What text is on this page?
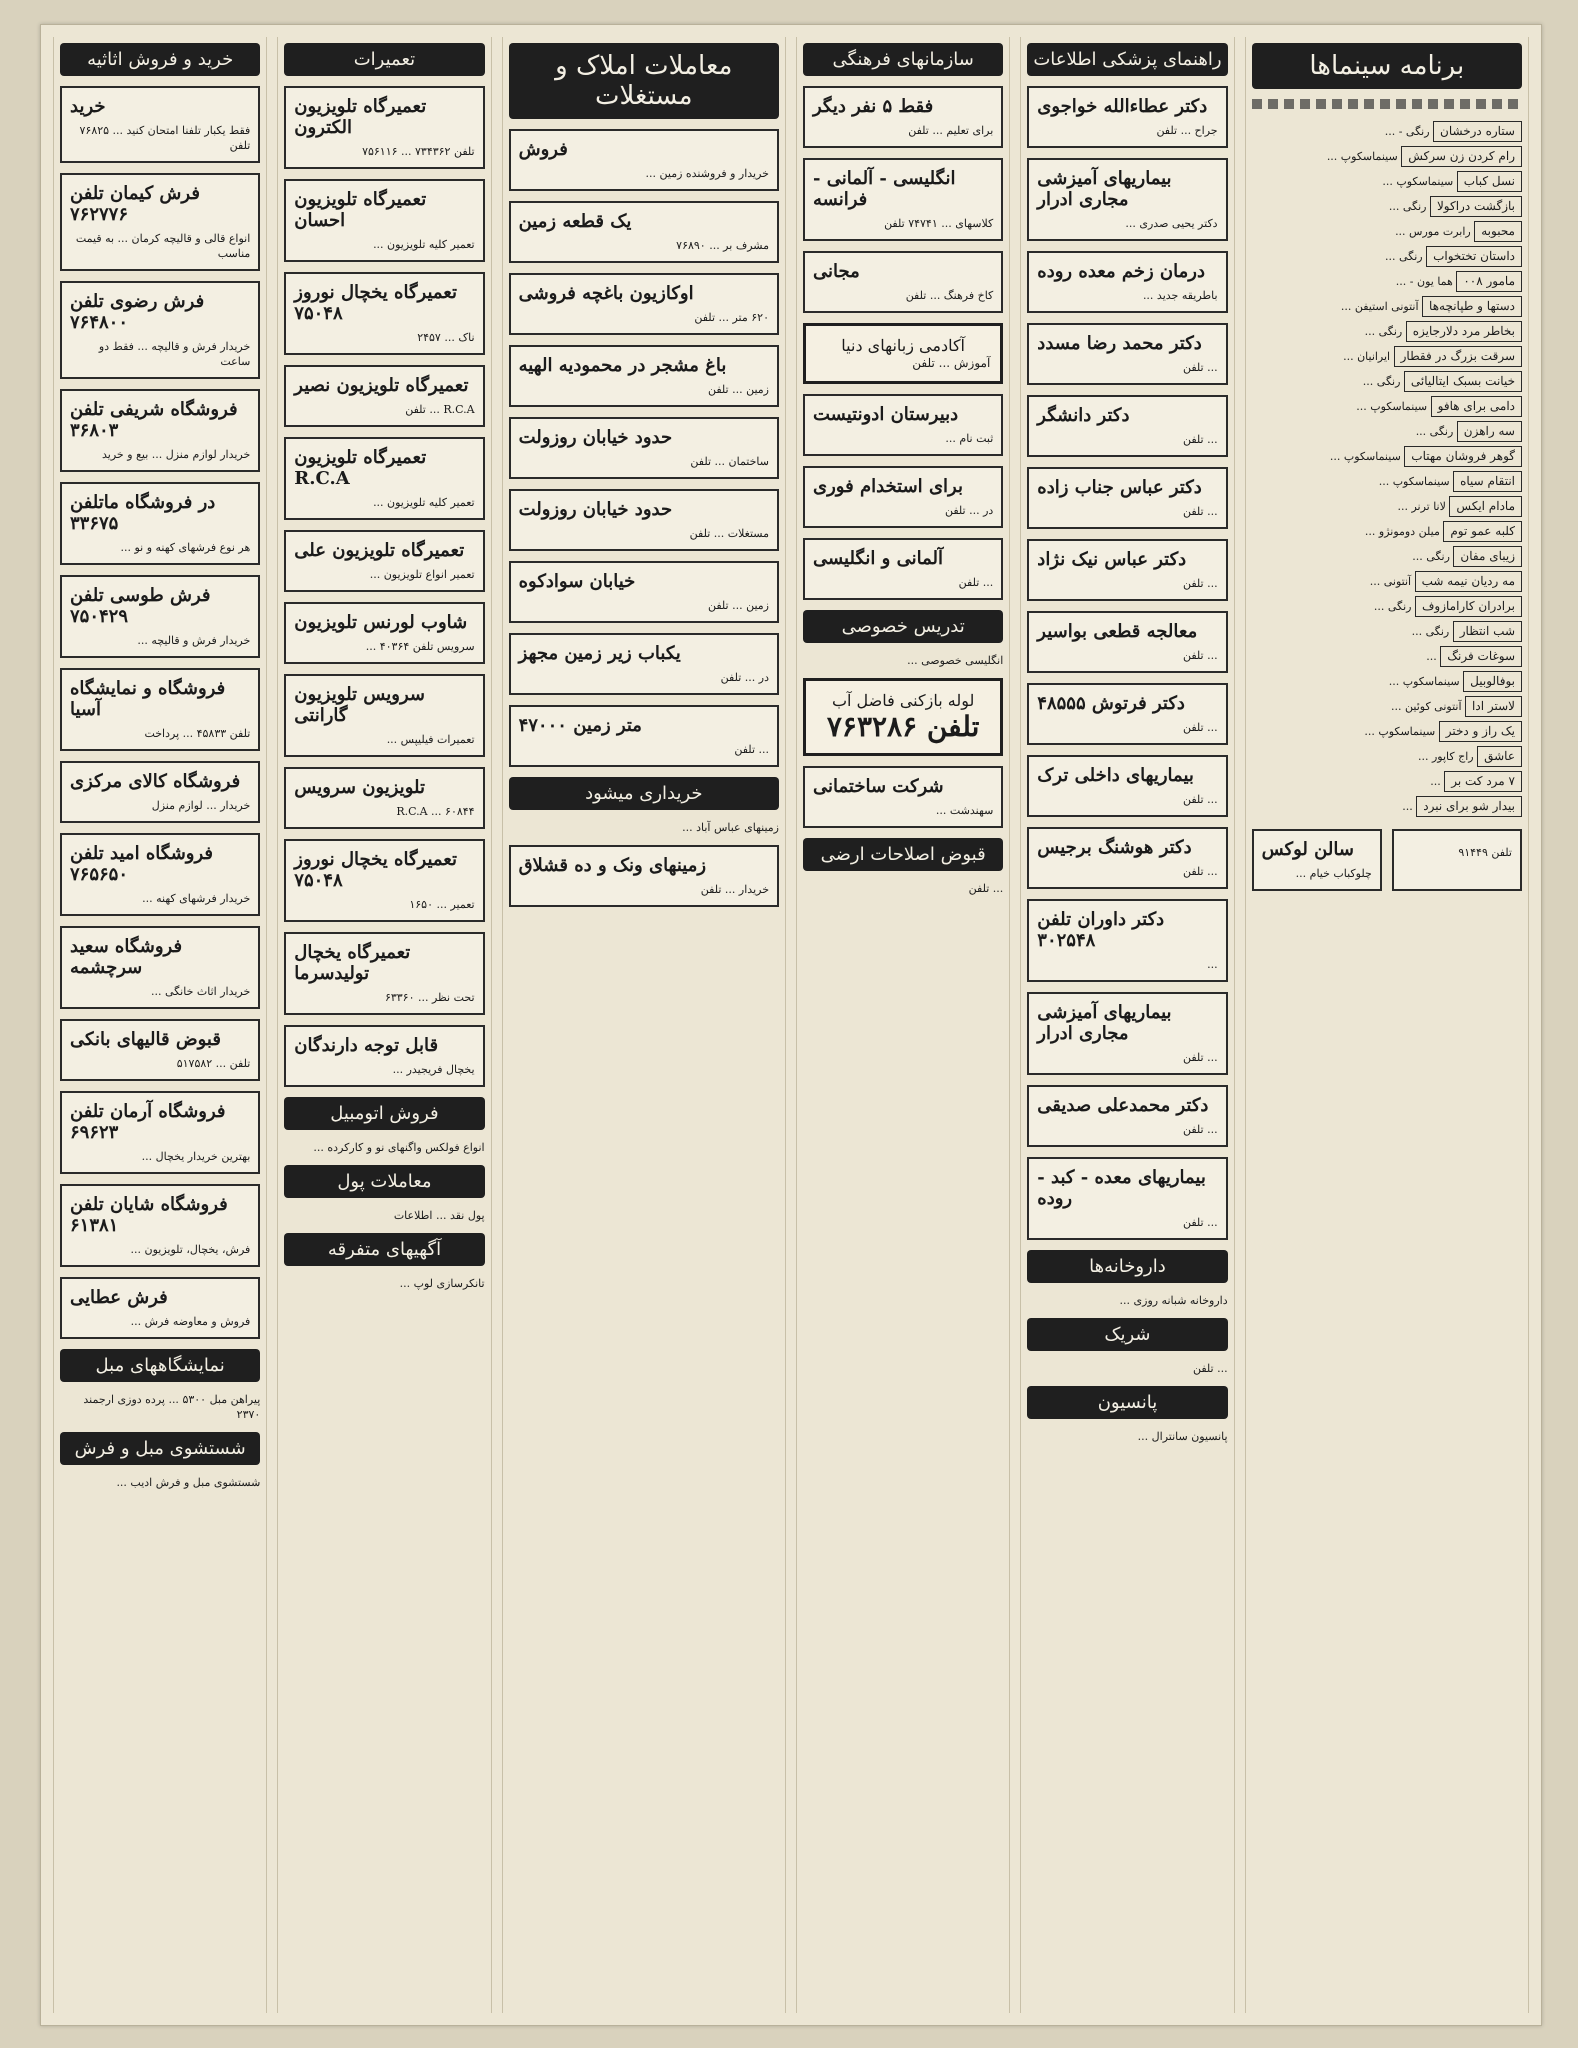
برنامه سینماها
ستاره درخشان رنگی - ...
رام کردن زن سرکش سینماسکوپ ...
نسل کباب سینماسکوپ ...
بازگشت دراکولا رنگی ...
محبوبه رابرت مورس ...
داستان تختخواب رنگی ...
مامور ۰۰۸ هما یون - ...
دستها و طپانچه‌ها آنتونی استیفن ...
بخاطر مرد دلارجایزه رنگی ...
سرقت بزرگ در فقطار ایرانیان ...
خیانت بسبک ایتالیائی رنگی ...
دامی برای هافو سینماسکوپ ...
سه راهزن رنگی ...
گوهر فروشان مهتاب سینماسکوپ ...
انتقام سیاه سینماسکوپ ...
مادام ایکس لانا ترنر ...
کلبه عمو توم میلن دومونژو ...
زیبای مفان رنگی ...
مه ردیان نیمه شب آنتونی ...
برادران کارامازوف رنگی ...
شب انتظار رنگی ...
سوغات فرنگ ...
بوفالوبیل سینماسکوپ ...
لاستر ادا آنتونی کوئین ...
یک راز و دختر سینماسکوپ ...
عاشق راج کاپور ...
۷ مرد کت بر ...
بیدار شو برای نبرد ...
سالن لوکس
چلوکباب خیام ...
تلفن ۹۱۴۴۹
راهنمای پزشکی اطلاعات
دکتر عطاءالله خواجوی
جراح ... تلفن
بیماریهای آمیزشی مجاری ادرار
دکتر یحیی صدری ...
درمان زخم معده روده
باطریقه جدید ...
دکتر محمد رضا مسدد
... تلفن
دکتر دانشگر
... تلفن
دکتر عباس جناب زاده
... تلفن
دکتر عباس نیک نژاد
... تلفن
معالجه قطعی بواسیر
... تلفن
دکتر فرتوش ۴۸۵۵۵
... تلفن
بیماریهای داخلی ترک
... تلفن
دکتر هوشنگ برجیس
... تلفن
دکتر داوران تلفن ۳۰۲۵۴۸
...
بیماریهای آمیزشی مجاری ادرار
... تلفن
دکتر محمدعلی صدیقی
... تلفن
بیماریهای معده - کبد - روده
... تلفن
داروخانه‌ها
داروخانه شبانه روزی ...
شریک
... تلفن
پانسیون
پانسیون سانترال ...
سازمانهای فرهنگی
فقط ۵ نفر دیگر
برای تعلیم ... تلفن
انگلیسی - آلمانی - فرانسه
کلاسهای ... ۷۴۷۴۱ تلفن
مجانی
کاخ فرهنگ ... تلفن
آکادمی زبانهای دنیا
آموزش ... تلفن
دبیرستان ادونتیست
ثبت نام ...
برای استخدام فوری
در ... تلفن
آلمانی و انگلیسی
... تلفن
تدریس خصوصی
انگلیسی خصوصی ...
لوله بازکنی فاضل آب
تلفن ۷۶۳۲۸۶
شرکت ساختمانی
سهندشت ...
قبوض اصلاحات ارضی
... تلفن
معاملات املاک و مستغلات
فروش
خریدار و فروشنده زمین ...
یک قطعه زمین
مشرف بر ... ۷۶۸۹۰
اوکازیون باغچه فروشی
۶۲۰ متر ... تلفن
باغ مشجر در محمودیه الهیه
زمین ... تلفن
حدود خیابان روزولت
ساختمان ... تلفن
حدود خیابان روزولت
مستغلات ... تلفن
خیابان سوادکوه
زمین ... تلفن
یکباب زیر زمین مجهز
در ... تلفن
۴۷۰۰۰ متر زمین
... تلفن
خریداری میشود
زمینهای عباس آباد ...
زمینهای ونک و ده قشلاق
خریدار ... تلفن
تعمیرات
تعمیرگاه تلویزیون الکترون
تلفن ۷۳۴۳۶۲ ... ۷۵۶۱۱۶
تعمیرگاه تلویزیون احسان
تعمیر کلیه تلویزیون ...
تعمیرگاه یخچال نوروز ۷۵۰۴۸
ناک ... ۲۴۵۷
تعمیرگاه تلویزیون نصیر
R.C.A ... تلفن
تعمیرگاه تلویزیون R.C.A
تعمیر کلیه تلویزیون ...
تعمیرگاه تلویزیون علی
تعمیر انواع تلویزیون ...
شاوب لورنس تلویزیون
سرویس تلفن ۴۰۳۶۴ ...
سرویس تلویزیون گارانتی
تعمیرات فیلیپس ...
تلویزیون سرویس
R.C.A ... ۶۰۸۴۴
تعمیرگاه یخچال نوروز ۷۵۰۴۸
تعمیر ... ۱۶۵۰
تعمیرگاه یخچال تولیدسرما
تحت نظر ... ۶۳۳۶۰
قابل توجه دارندگان
یخچال فریجیدر ...
فروش اتومبیل
انواع فولکس واگنهای نو و کارکرده ...
معاملات پول
پول نقد ... اطلاعات
آگهیهای متفرقه
تانکرسازی لوپ ...
خرید و فروش اثاثیه
خرید
فقط یکبار تلفنا امتحان کنید ... ۷۶۸۲۵ تلفن
فرش کیمان تلفن ۷۶۲۷۷۶
انواع قالی و قالیچه کرمان ... به قیمت مناسب
فرش رضوی تلفن ۷۶۴۸۰۰
خریدار فرش و قالیچه ... فقط دو ساعت
فروشگاه شریفی تلفن ۳۶۸۰۳
خریدار لوازم منزل ... بیع و خرید
در فروشگاه ماتلفن ۳۳۶۷۵
هر نوع فرشهای کهنه و نو ...
فرش طوسی تلفن ۷۵۰۴۲۹
خریدار فرش و قالیچه ...
فروشگاه و نمایشگاه آسیا
تلفن ۴۵۸۳۳ ... پرداخت
فروشگاه کالای مرکزی
خریدار ... لوازم منزل
فروشگاه امید تلفن ۷۶۵۶۵۰
خریدار فرشهای کهنه ...
فروشگاه سعید سرچشمه
خریدار اثاث خانگی ...
قبوض قالیهای بانکی
تلفن ... ۵۱۷۵۸۲
فروشگاه آرمان تلفن ۶۹۶۲۳
بهترین خریدار یخچال ...
فروشگاه شایان تلفن ۶۱۳۸۱
فرش، یخچال، تلویزیون ...
فرش عطایی
فروش و معاوضه فرش ...
نمایشگاههای مبل
پیراهن مبل ۵۳۰۰ ... پرده دوزی ارجمند ۲۳۷۰
شستشوی مبل و فرش
شستشوی مبل و فرش ادیب ...
